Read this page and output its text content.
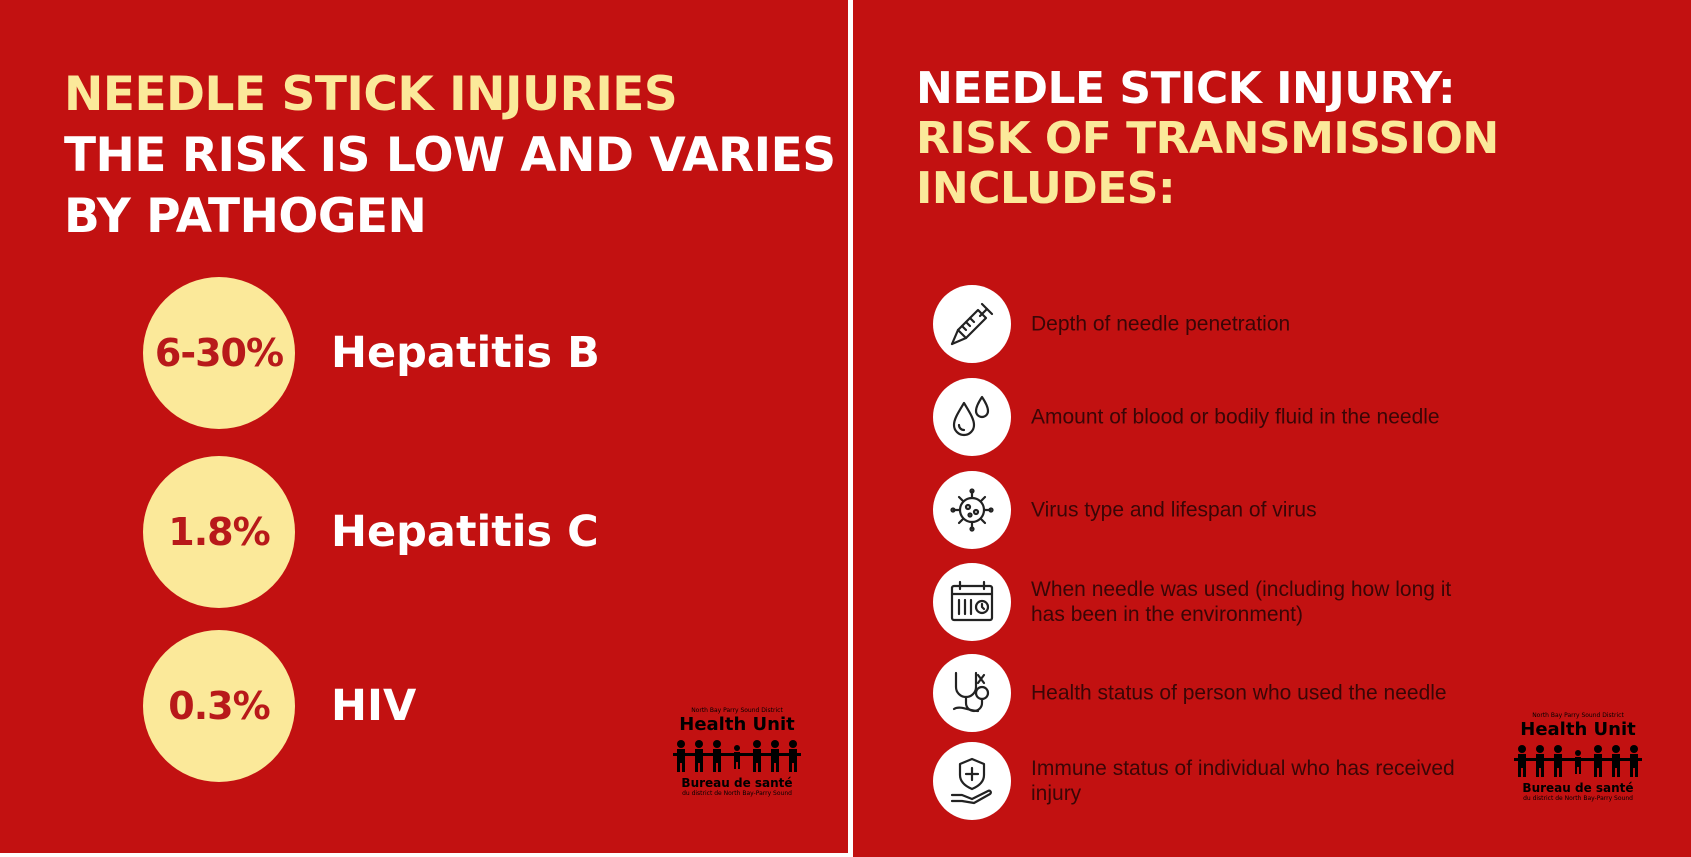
NEEDLE STICK INJURIES
THE RISK IS LOW AND VARIES
BY PATHOGEN
6-30% Hepatitis B
1.8%	Hepatitis C
0.3%	HIV	North Bay Parry Sound District
Health Unit
Bureau de santé
du district de North Bay-Parry Sound
NEEDLE STICK INJURY:
RISK OF TRANSMISSION
INCLUDES:
Depth of needle penetration
Amount of blood or bodily fluid in the needle
Virus type and lifespan of virus
When needle was used (including how long it has been in the environment)
Health status of person who used the needle
Immune status of individual who has received injury
North Bay Parry Sound District
Health Unit
Bureau de santé
du district de North Bay-Parry Sound
